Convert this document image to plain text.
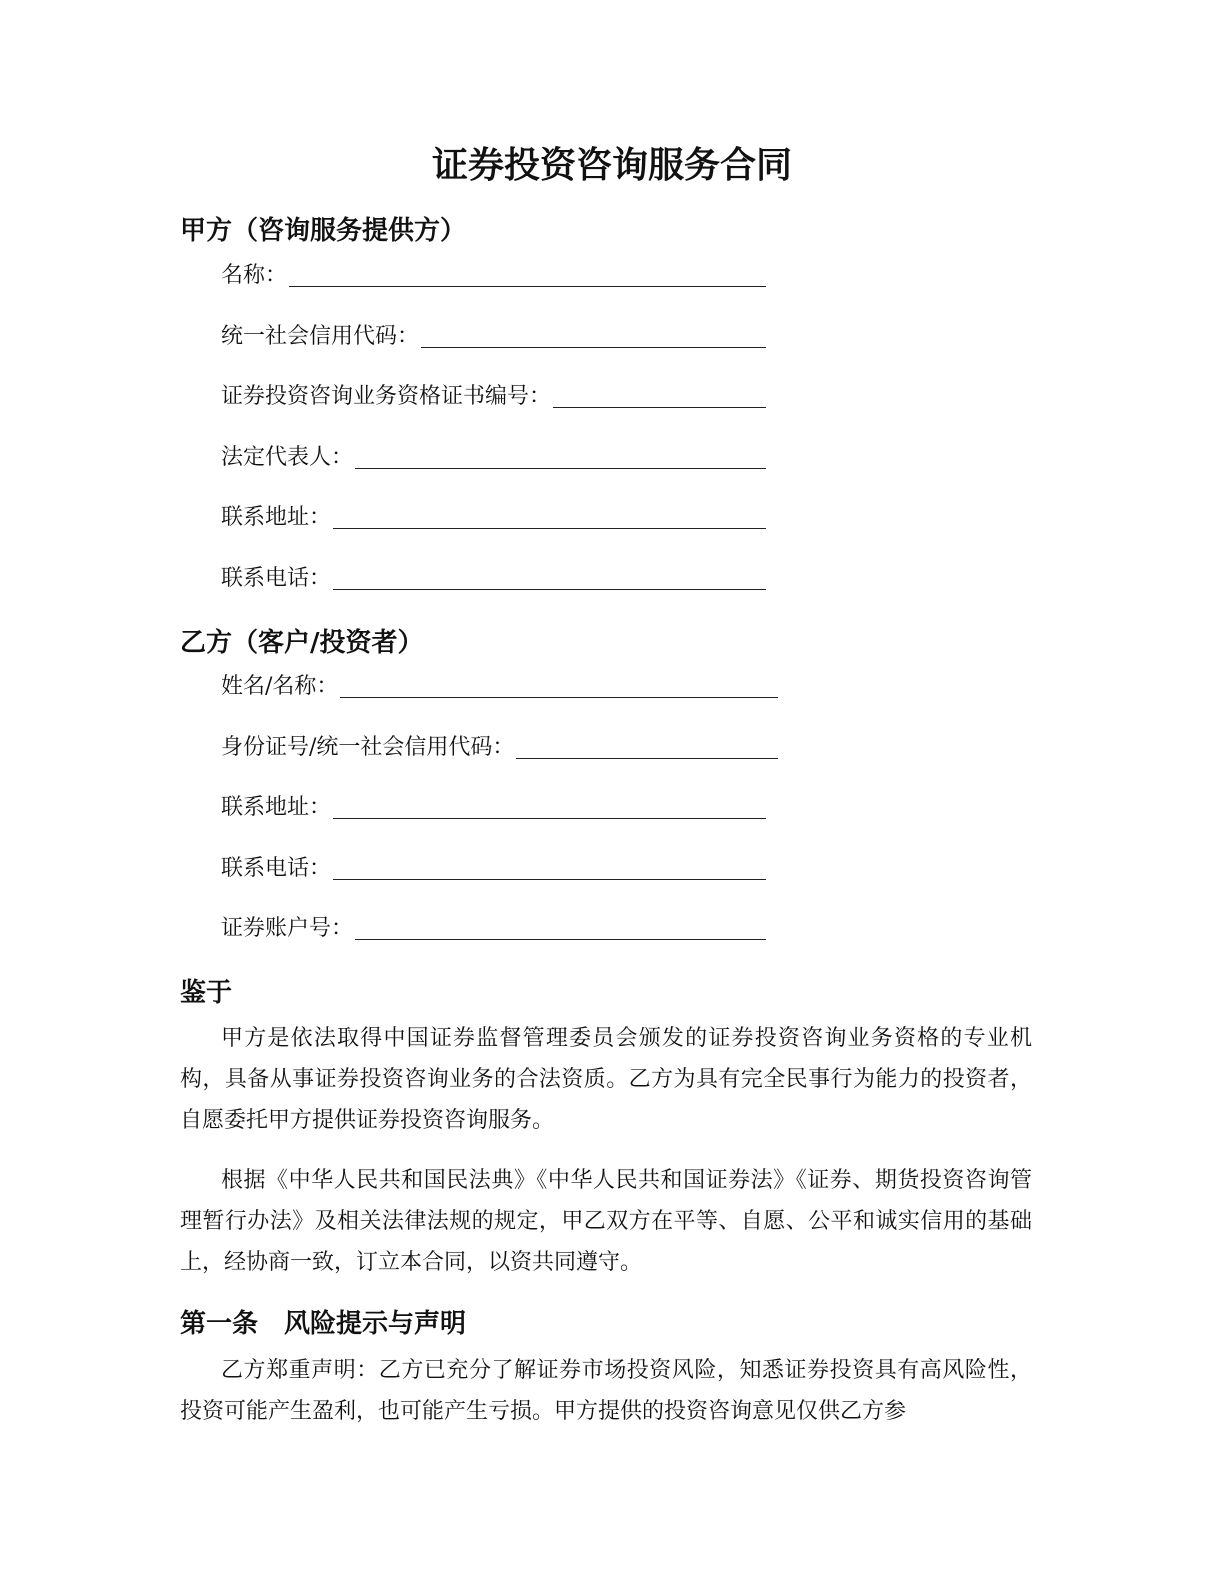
证券投资咨询服务合同
甲方（咨询服务提供方）
名称：
统一社会信用代码：
证券投资咨询业务资格证书编号：
法定代表人：
联系地址：
联系电话：
乙方（客户/投资者）
姓名/名称：
身份证号/统一社会信用代码：
联系地址：
联系电话：
证券账户号：
鉴于
甲方是依法取得中国证券监督管理委员会颁发的证券投资咨询业务资格的专业机构，具备从事证券投资咨询业务的合法资质。乙方为具有完全民事行为能力的投资者，自愿委托甲方提供证券投资咨询服务。
根据《中华人民共和国民法典》《中华人民共和国证券法》《证券、期货投资咨询管理暂行办法》及相关法律法规的规定，甲乙双方在平等、自愿、公平和诚实信用的基础上，经协商一致，订立本合同，以资共同遵守。
第一条　风险提示与声明
乙方郑重声明：乙方已充分了解证券市场投资风险，知悉证券投资具有高风险性，投资可能产生盈利，也可能产生亏损。甲方提供的投资咨询意见仅供乙方参
